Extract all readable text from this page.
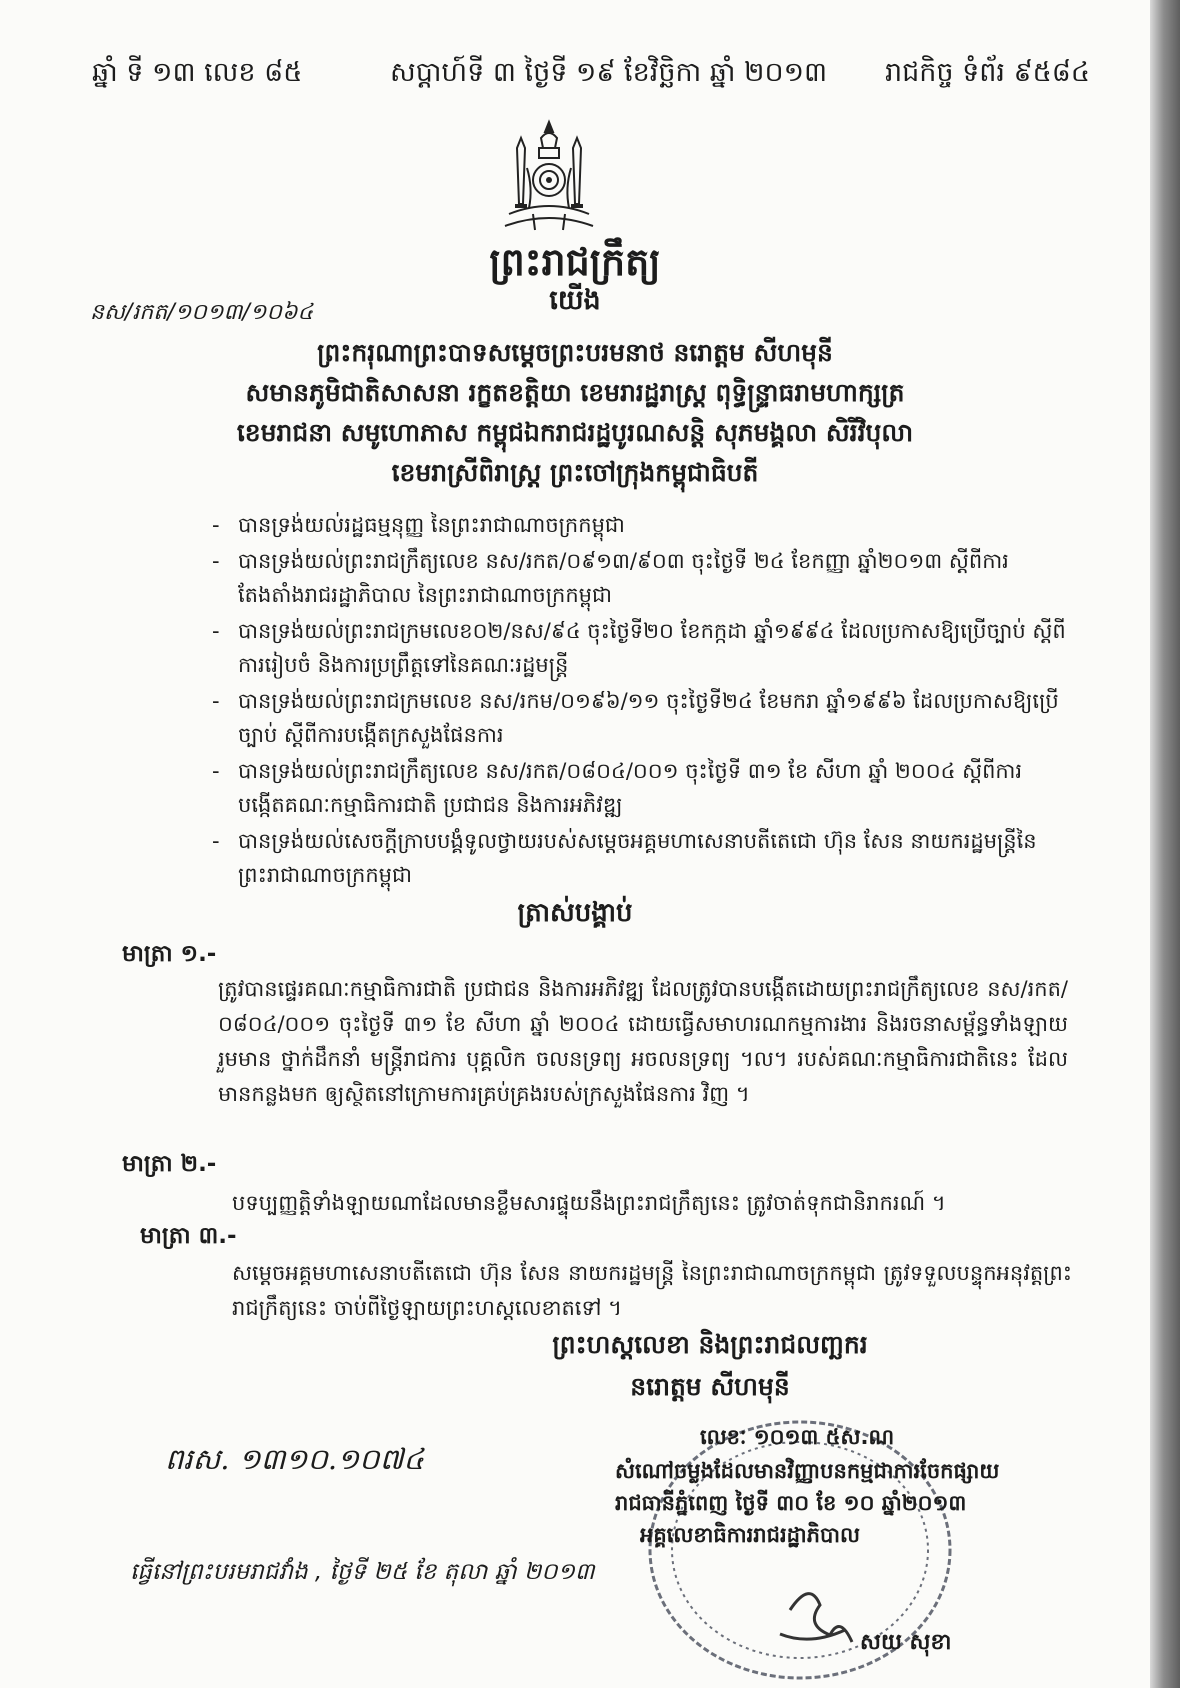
ឆ្នាំ ទី ១៣ លេខ ៨៥	សប្តាហ៍ទី ៣ ថ្ងៃទី ១៩ ខែវិច្ឆិកា ឆ្នាំ ២០១៣ រាជកិច្ច ទំព័រ ៩៥៨៤
ព្រះរាជក្រឹត្យ
នស/រកត/១០១៣/១០៦៤	យើង
ព្រះករុណាព្រះបាទសម្តេចព្រះបរមនាថ នរោត្តម សីហមុនី
សមានភូមិជាតិសាសនា រក្ខតខត្តិយា ខេមរារដ្ឋរាស្ត្រ ពុទ្ធិន្ទ្រាធរាមហាក្សត្រ
ខេមរាជនា សមូហោភាស កម្ពុជឯករាជរដ្ឋបូរណសន្តិ សុភមង្គលា សិរីវិបុលា
ខេមរាស្រីពិរាស្ត្រ ព្រះចៅក្រុងកម្ពុជាធិបតី
- បានទ្រង់យល់រដ្ឋធម្មនុញ្ញ នៃព្រះរាជាណាចក្រកម្ពុជា
- បានទ្រង់យល់ព្រះរាជក្រឹត្យលេខ នស/រកត/០៩១៣/៩០៣ ចុះថ្ងៃទី ២៤ ខែកញ្ញា ឆ្នាំ២០១៣ ស្តីពីការតែងតាំងរាជរដ្ឋាភិបាល នៃព្រះរាជាណាចក្រកម្ពុជា
- បានទ្រង់យល់ព្រះរាជក្រមលេខ០២/នស/៩៤ ចុះថ្ងៃទី២០ ខែកក្កដា ឆ្នាំ១៩៩៤ ដែលប្រកាសឱ្យប្រើច្បាប់ ស្តីពីការរៀបចំ និងការប្រព្រឹត្តទៅនៃគណៈរដ្ឋមន្ត្រី
- បានទ្រង់យល់ព្រះរាជក្រមលេខ នស/រកម/០១៩៦/១១ ចុះថ្ងៃទី២៤ ខែមករា ឆ្នាំ១៩៩៦ ដែលប្រកាសឱ្យប្រើច្បាប់ ស្តីពីការបង្កើតក្រសួងផែនការ
- បានទ្រង់យល់ព្រះរាជក្រឹត្យលេខ នស/រកត/០៨០៤/០០១ ចុះថ្ងៃទី ៣១ ខែ សីហា ឆ្នាំ ២០០៤ ស្តីពីការបង្កើតគណៈកម្មាធិការជាតិ ប្រជាជន និងការអភិវឌ្ឍ
- បានទ្រង់យល់សេចក្តីក្រាបបង្គំទូលថ្វាយរបស់សម្តេចអគ្គមហាសេនាបតីតេជោ ហ៊ុន សែន នាយករដ្ឋមន្ត្រីនៃព្រះរាជាណាចក្រកម្ពុជា
ត្រាស់បង្គាប់
មាត្រា ១.-
ត្រូវបានផ្ទេរគណៈកម្មាធិការជាតិ ប្រជាជន និងការអភិវឌ្ឍ ដែលត្រូវបានបង្កើតដោយព្រះរាជក្រឹត្យលេខ នស/រកត/០៨០៤/០០១ ចុះថ្ងៃទី ៣១ ខែ សីហា ឆ្នាំ ២០០៤ ដោយធ្វើសមាហរណកម្មការងារ និងរចនាសម្ព័ន្ធទាំងឡាយ រួមមាន ថ្នាក់ដឹកនាំ មន្ត្រីរាជការ បុគ្គលិក ចលនទ្រព្យ អចលនទ្រព្យ ។ល។ របស់គណៈកម្មាធិការជាតិនេះ ដែលមានកន្លងមក ឲ្យស្ថិតនៅក្រោមការគ្រប់គ្រងរបស់ក្រសួងផែនការ វិញ ។
មាត្រា ២.-
បទប្បញ្ញត្តិទាំងឡាយណាដែលមានខ្លឹមសារផ្ទុយនឹងព្រះរាជក្រឹត្យនេះ ត្រូវចាត់ទុកជានិរាករណ៍ ។
មាត្រា ៣.-
សម្តេចអគ្គមហាសេនាបតីតេជោ ហ៊ុន សែន នាយករដ្ឋមន្ត្រី នៃព្រះរាជាណាចក្រកម្ពុជា ត្រូវទទួលបន្ទុកអនុវត្តព្រះរាជក្រឹត្យនេះ ចាប់ពីថ្ងៃឡាយព្រះហស្តលេខាតទៅ ។
ព្រះហស្តលេខា និងព្រះរាជលញ្ឆករ
នរោត្តម សីហមុនី
ពរស. ១៣១០.១០៧៤
ធ្វើនៅព្រះបរមរាជវាំង , ថ្ងៃទី ២៥ ខែ តុលា ឆ្នាំ ២០១៣
លេខៈ ១០១៣ ៥ស.ណ
សំណៅចម្លងដែលមានវិញ្ញាបនកម្មជាការចែកផ្សាយ
រាជធានីភ្នំពេញ ថ្ងៃទី ៣០ ខែ ១០ ឆ្នាំ២០១៣
អគ្គលេខាធិការរាជរដ្ឋាភិបាល
សយ សុខា
